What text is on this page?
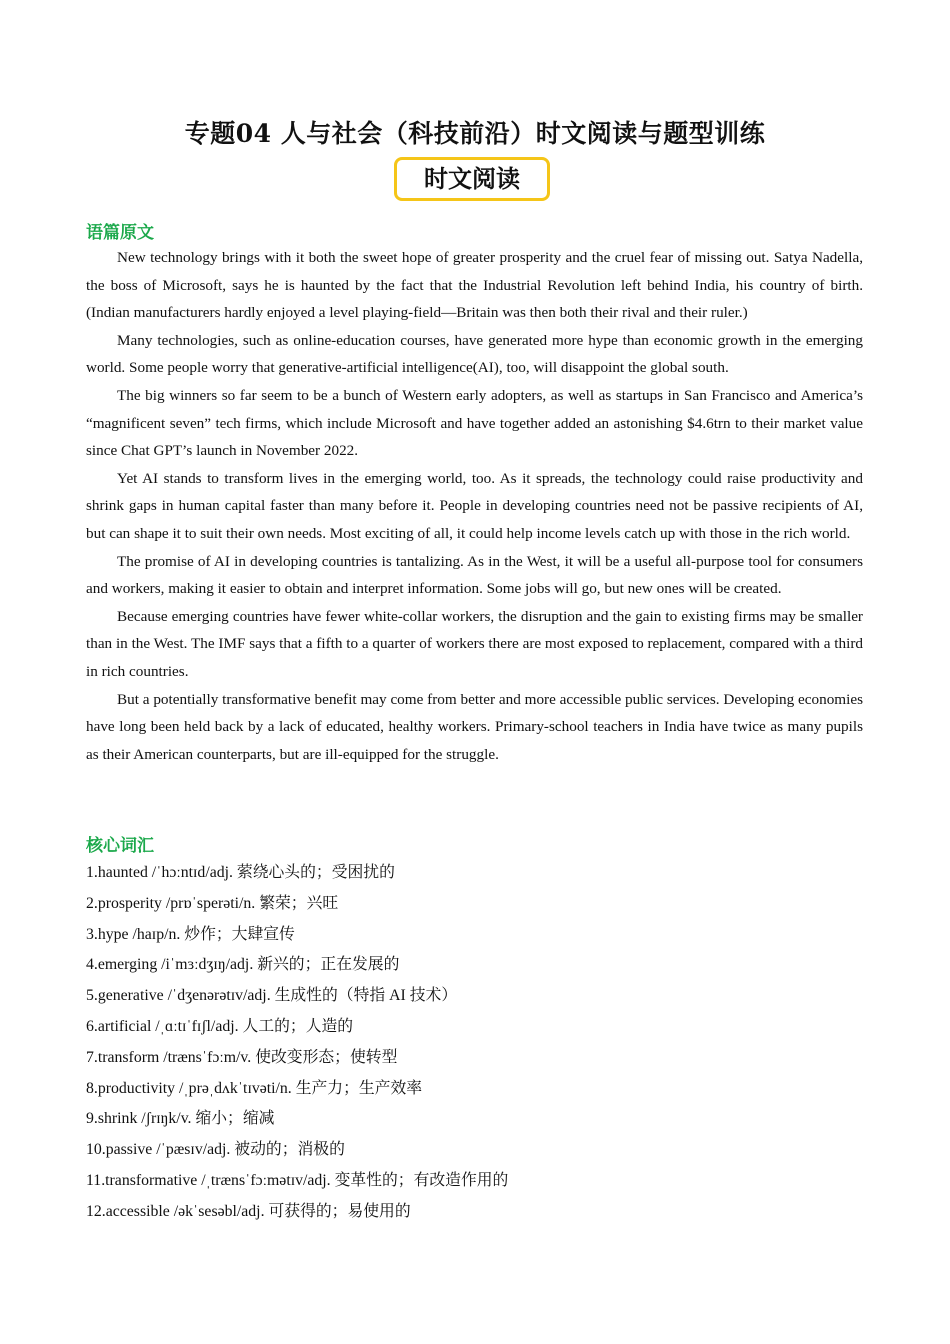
专题04 人与社会（科技前沿）时文阅读与题型训练
时文阅读
语篇原文

New technology brings with it both the sweet hope of greater prosperity and the cruel fear of missing out. Satya Nadella, the boss of Microsoft, says he is haunted by the fact that the Industrial Revolution left behind India, his country of birth. (Indian manufacturers hardly enjoyed a level playing-field—Britain was then both their rival and their ruler.)

Many technologies, such as online-education courses, have generated more hype than economic growth in the emerging world. Some people worry that generative-artificial intelligence(AI), too, will disappoint the global south.

The big winners so far seem to be a bunch of Western early adopters, as well as startups in San Francisco and America’s “magnificent seven” tech firms, which include Microsoft and have together added an astonishing $4.6trn to their market value since Chat GPT’s launch in November 2022.

Yet AI stands to transform lives in the emerging world, too. As it spreads, the technology could raise productivity and shrink gaps in human capital faster than many before it. People in developing countries need not be passive recipients of AI, but can shape it to suit their own needs. Most exciting of all, it could help income levels catch up with those in the rich world.

The promise of AI in developing countries is tantalizing. As in the West, it will be a useful all-purpose tool for consumers and workers, making it easier to obtain and interpret information. Some jobs will go, but new ones will be created.

Because emerging countries have fewer white-collar workers, the disruption and the gain to existing firms may be smaller than in the West. The IMF says that a fifth to a quarter of workers there are most exposed to replacement, compared with a third in rich countries.

But a potentially transformative benefit may come from better and more accessible public services. Developing economies have long been held back by a lack of educated, healthy workers. Primary-school teachers in India have twice as many pupils as their American counterparts, but are ill-equipped for the struggle.

核心词汇
1.haunted /ˈhɔːntɪd/adj. 萦绕心头的；受困扰的
2.prosperity /prɒˈsperəti/n. 繁荣；兴旺
3.hype /haɪp/n. 炒作；大肆宣传
4.emerging /iˈmɜːdʒɪŋ/adj. 新兴的；正在发展的
5.generative /ˈdʒenərətɪv/adj. 生成性的（特指 AI 技术）
6.artificial /ˌɑːtɪˈfɪʃl/adj. 人工的；人造的
7.transform /trænsˈfɔːm/v. 使改变形态；使转型
8.productivity /ˌprəˌdʌkˈtɪvəti/n. 生产力；生产效率
9.shrink /ʃrɪŋk/v. 缩小；缩减
10.passive /ˈpæsɪv/adj. 被动的；消极的
11.transformative /ˌtrænsˈfɔːmətɪv/adj. 变革性的；有改造作用的
12.accessible /əkˈsesəbl/adj. 可获得的；易使用的
